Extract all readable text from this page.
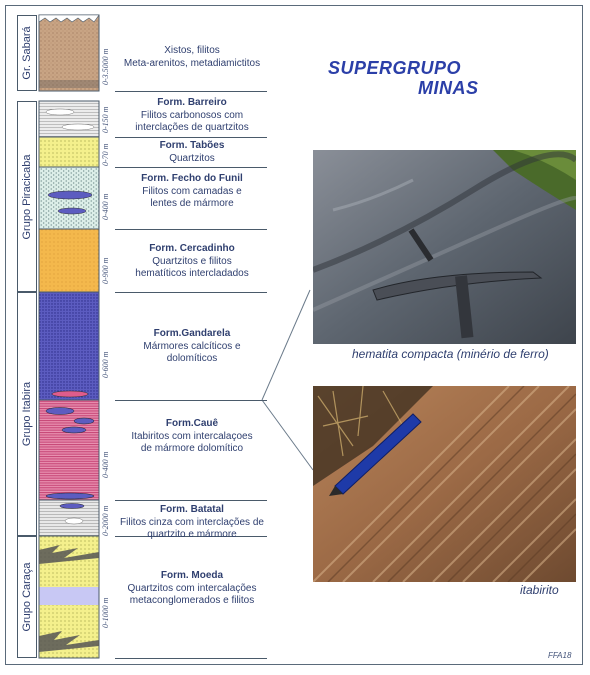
Gr. Sabará
Grupo Piracicaba
Grupo Itabira
Grupo Caraça
0-3.5000 m
0-150 m
0-70 m
0-400 m
0-900 m
0-600 m
0-400 m
0-2000 m
0-1000 m
Xistos, filitos
Meta-arenitos, metadiamictitos
Form. Barreiro
Filitos carbonosos com
interclações de quartzitos
Form. Tabões
Quartzitos
Form. Fecho do Funil
Filitos com camadas e
lentes de mármore
Form. Cercadinho
Quartzitos e filitos
hematíticos intercladados
Form.Gandarela
Mármores calcíticos e
dolomíticos
Form.Cauê
Itabiritos com intercalaçoes
de mármore dolomítico
Form. Batatal
Filitos cinza com interclações de
quartzito e mármore
Form. Moeda
Quartzitos com intercalações
metaconglomerados e filitos
SUPERGRUPO
MINAS
hematita compacta (minério de ferro)
itabirito
FFA18
